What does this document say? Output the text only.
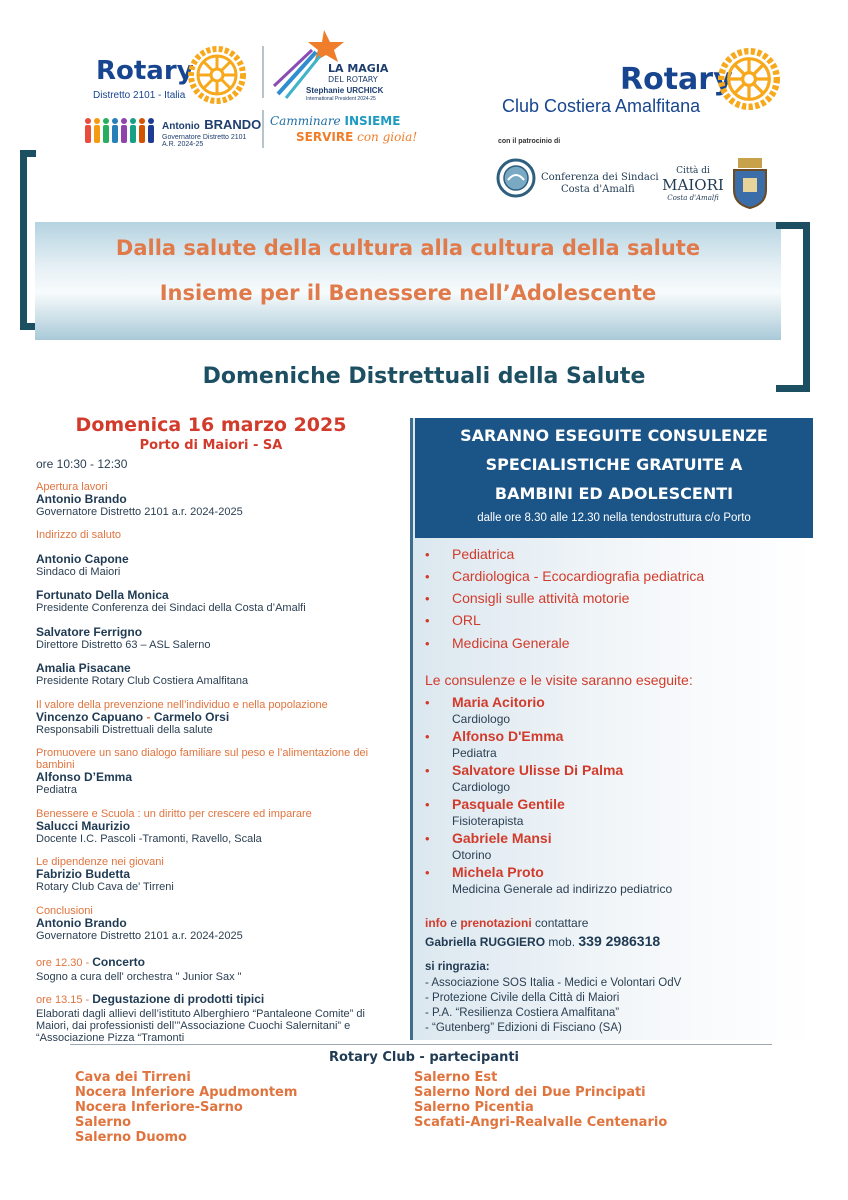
Rotary
Distretto 2101 - Italia
LA MAGIA
DEL ROTARY
Stephanie URCHICK
International President 2024-25
Antonio BRANDO
Governatore Distretto 2101
A.R. 2024-25
Camminare INSIEME
SERVIRE con gioia!
Rotary
Club Costiera Amalfitana
con il patrocinio di
Conferenza dei Sindaci
Costa d'Amalfi
Città di
MAIORI
Costa d'Amalfi
Dalla salute della cultura alla cultura della salute
Insieme per il Benessere nell’Adolescente
Domeniche Distrettuali della Salute
Domenica 16 marzo 2025
Porto di Maiori - SA
ore 10:30 - 12:30
Apertura lavori
Antonio Brando
Governatore Distretto 2101 a.r. 2024-2025
Indirizzo di saluto
Antonio Capone
Sindaco di Maiori
Fortunato Della Monica
Presidente Conferenza dei Sindaci della Costa d’Amalfi
Salvatore Ferrigno
Direttore Distretto 63 – ASL Salerno
Amalia Pisacane
Presidente Rotary Club Costiera Amalfitana
Il valore della prevenzione nell’individuo e nella popolazione
Vincenzo Capuano - Carmelo Orsi
Responsabili Distrettuali della salute
Promuovere un sano dialogo familiare sul peso e l’alimentazione dei bambini
Alfonso D’Emma
Pediatra
Benessere e Scuola : un diritto per crescere ed imparare
Salucci Maurizio
Docente I.C. Pascoli -Tramonti, Ravello, Scala
Le dipendenze nei giovani
Fabrizio Budetta
Rotary Club Cava de' Tirreni
Conclusioni
Antonio Brando
Governatore Distretto 2101 a.r. 2024-2025
ore 12.30 - Concerto
Sogno a cura dell' orchestra " Junior Sax "
ore 13.15 - Degustazione di prodotti tipici
Elaborati dagli allievi dell’istituto Alberghiero “Pantaleone Comite” di Maiori, dai professionisti dell’”Associazione Cuochi Salernitani” e “Associazione Pizza “Tramonti
SARANNO ESEGUITE CONSULENZE
SPECIALISTICHE GRATUITE A
BAMBINI ED ADOLESCENTI
dalle ore 8.30 alle 12.30 nella tendostruttura c/o Porto
• Pediatrica
• Cardiologica - Ecocardiografia pediatrica
• Consigli sulle attività motorie
• ORL
• Medicina Generale
Le consulenze e le visite saranno eseguite:
• Maria Acitorio
Cardiologo
• Alfonso D'Emma
Pediatra
• Salvatore Ulisse Di Palma
Cardiologo
• Pasquale Gentile
Fisioterapista
• Gabriele Mansi
Otorino
• Michela Proto
Medicina Generale ad indirizzo pediatrico
info e prenotazioni contattare
Gabriella RUGGIERO mob. 339 2986318
si ringrazia:
- Associazione SOS Italia - Medici e Volontari OdV
- Protezione Civile della Città di Maiori
- P.A. “Resilienza Costiera Amalfitana”
- “Gutenberg” Edizioni di Fisciano (SA)
Rotary Club - partecipanti
Cava dei Tirreni
Nocera Inferiore Apudmontem
Nocera Inferiore-Sarno
Salerno
Salerno Duomo
Salerno Est
Salerno Nord dei Due Principati
Salerno Picentia
Scafati-Angri-Realvalle Centenario
